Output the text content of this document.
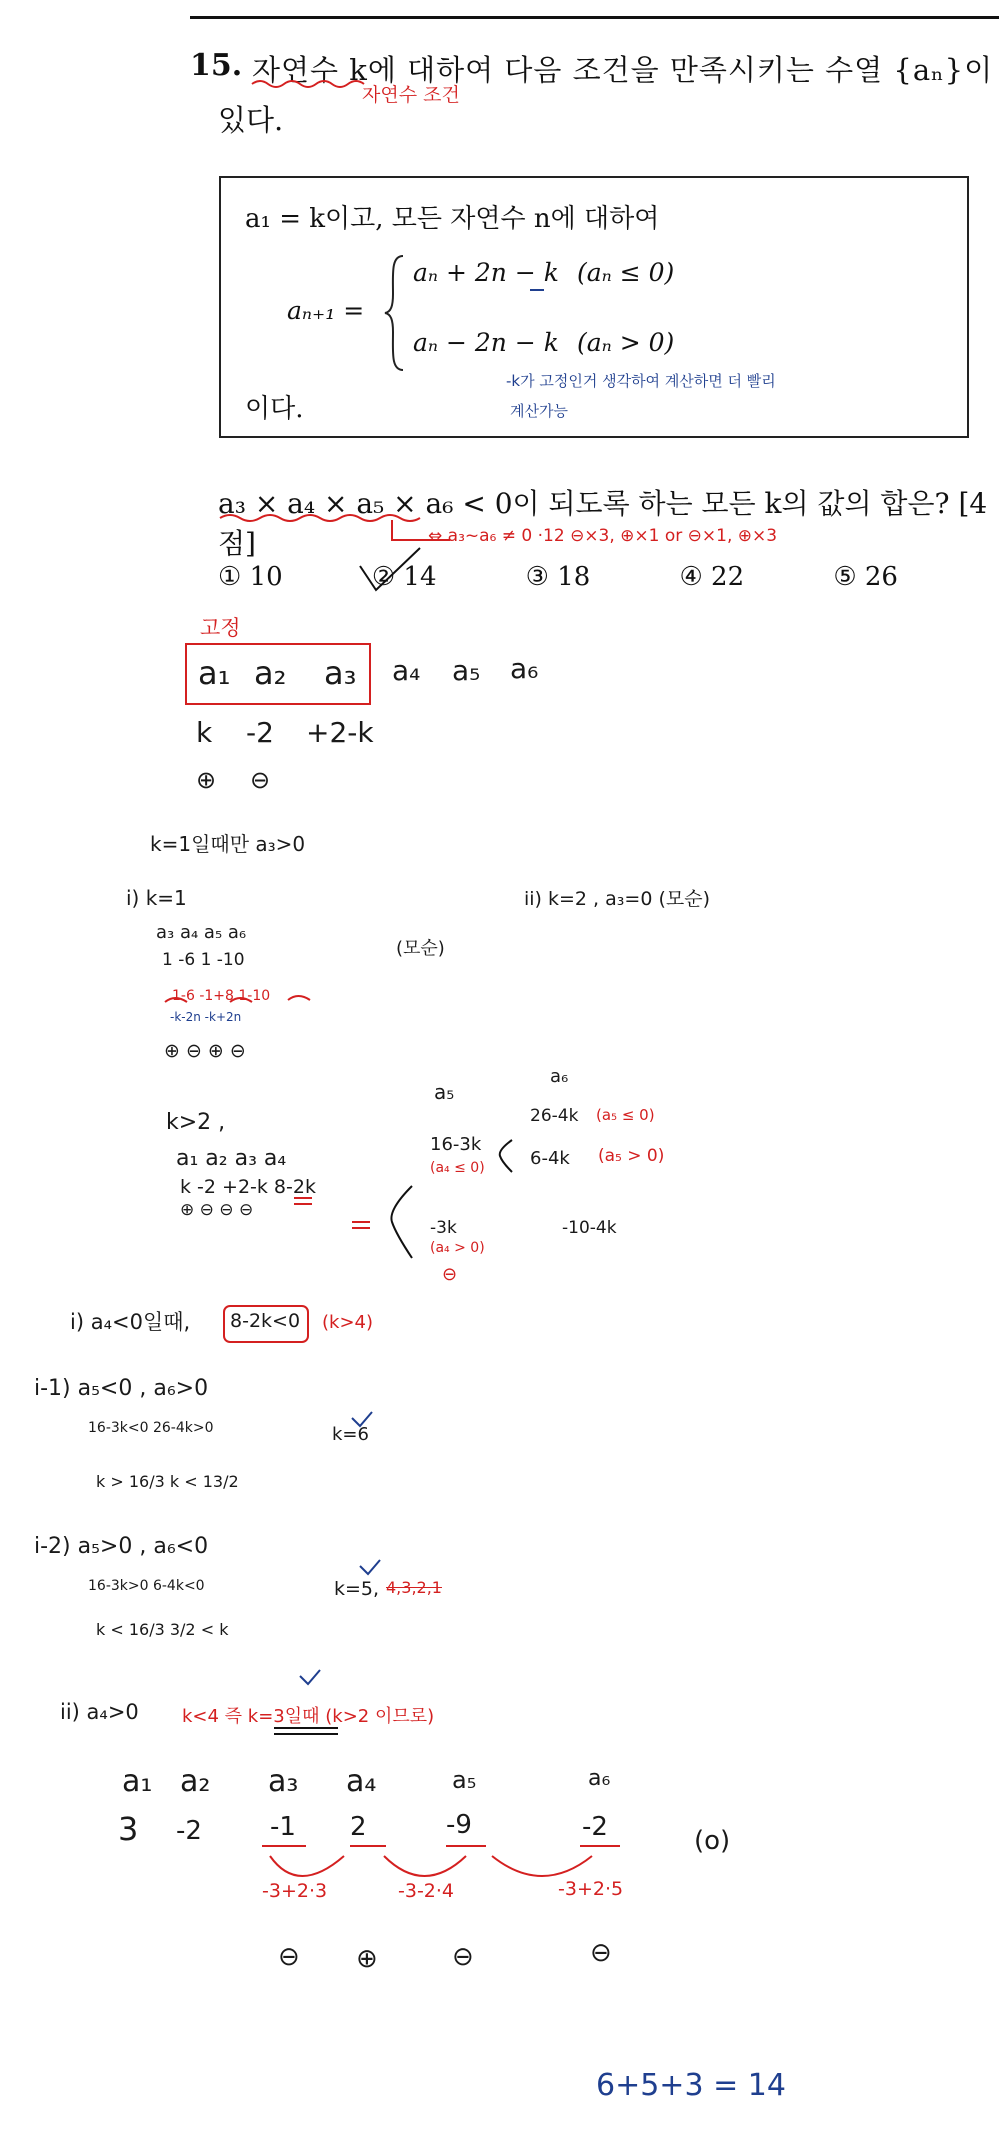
15. 자연수 k에 대하여 다음 조건을 만족시키는 수열 {aₙ}이
있다.
a₁ = k이고, 모든 자연수 n에 대하여
aₙ₊₁ =
aₙ + 2n − k (aₙ ≤ 0)
aₙ − 2n − k (aₙ > 0)
이다.
a₃ × a₄ × a₅ × a₆ < 0이 되도록 하는 모든 k의 값의 합은? [4점]
① 10	② 14	③ 18	④ 22	⑤ 26
자연수 조건
-k가 고정인거 생각하여 계산하면 더 빨리
계산가능
⇔ a₃~a₆ ≠ 0 ·12 ⊖×3, ⊕×1 or ⊖×1, ⊕×3
고정
a₁ a₂ a₃ a₄ a₅ a₆
k -2 +2-k
⊕ ⊖
k=1일때만 a₃>0
i) k=1	ii) k=2 , a₃=0 (모순)
a₃ a₄ a₅ a₆
1 -6 1 -10
(모순)
1-6 -1+8 1-10
-k-2n -k+2n
⊕ ⊖ ⊕ ⊖
k>2 ,
a₁ a₂ a₃ a₄
k -2 +2-k 8-2k
⊕ ⊖ ⊖ ⊖
a₅
a₆
16-3k
(a₄ ≤ 0)
-3k
(a₄ > 0)
⊖
26-4k (a₅ ≤ 0)
6-4k (a₅ > 0)
-10-4k
i) a₄<0일때, 8-2k<0 (k>4)
i-1) a₅<0 , a₆>0
16-3k<0 26-4k>0
k > 16/3 k < 13/2
k=6
i-2) a₅>0 , a₆<0
16-3k>0 6-4k<0
k < 16/3 3/2 < k
k=5, 4,3,2,1
ii) a₄>0 k<4 즉 k=3일때 (k>2 이므로)
a₁ a₂ a₃ a₄	a₅	a₆
3 -2	-1 2	-9	-2	(o)
-3+2·3	-3-2·4	-3+2·5
⊖ ⊕	⊖	⊖
6+5+3 = 14
